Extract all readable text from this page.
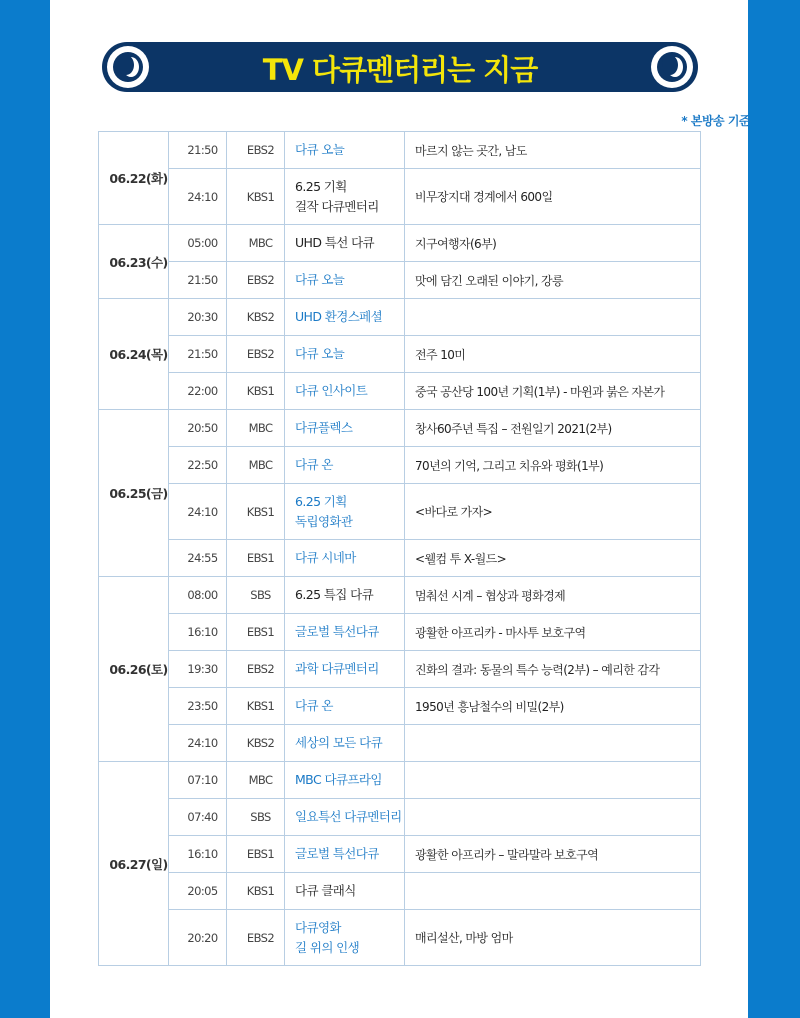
TV 다큐멘터리는 지금
* 본방송 기준
06.22(화)	21:50	EBS2	다큐 오늘	마르지 않는 곳간, 남도
	24:10	KBS1	6.25 기획
걸작 다큐멘터리	비무장지대 경계에서 600일
06.23(수)	05:00	MBC	UHD 특선 다큐	지구여행자(6부)
	21:50	EBS2	다큐 오늘	맛에 담긴 오래된 이야기, 강릉
06.24(목)	20:30	KBS2	UHD 환경스페셜	

	21:50	EBS2	다큐 오늘	전주 10미
	22:00	KBS1	다큐 인사이트	중국 공산당 100년 기획(1부) - 마윈과 붉은 자본가
06.25(금)	20:50	MBC	다큐플렉스	창사60주년 특집 – 전원일기 2021(2부)
	22:50	MBC	다큐 온	70년의 기억, 그리고 치유와 평화(1부)
	24:10	KBS1	6.25 기획
독립영화관	<바다로 가자>
	24:55	EBS1	다큐 시네마	<웰컴 투 X-월드>
06.26(토)	08:00	SBS	6.25 특집 다큐	멈춰선 시계 – 협상과 평화경제
	16:10	EBS1	글로벌 특선다큐	광활한 아프리카 - 마사투 보호구역
	19:30	EBS2	과학 다큐멘터리	진화의 결과: 동물의 특수 능력(2부) – 예리한 감각
	23:50	KBS1	다큐 온	1950년 흥남철수의 비밀(2부)
	24:10	KBS2	세상의 모든 다큐	

06.27(일)	07:10	MBC	MBC 다큐프라임	

	07:40	SBS	일요특선 다큐멘터리	

	16:10	EBS1	글로벌 특선다큐	광활한 아프리카 – 말라말라 보호구역
	20:05	KBS1	다큐 클래식	

	20:20	EBS2	다큐영화
길 위의 인생	매리설산, 마방 엄마
